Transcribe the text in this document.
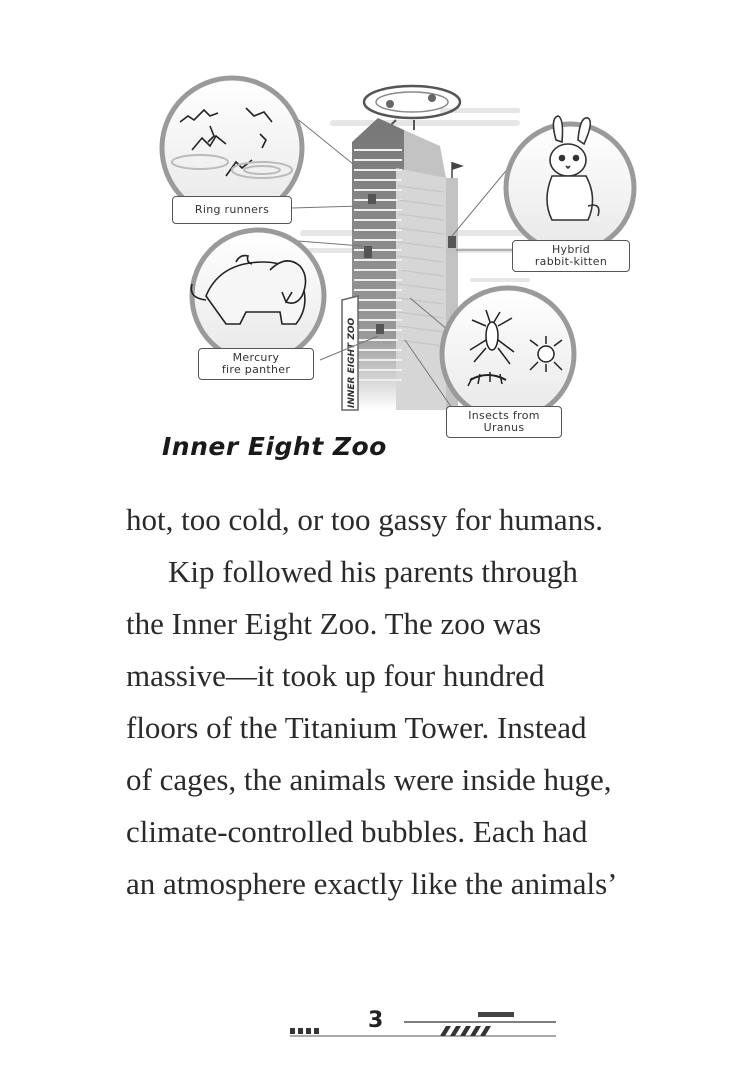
INNER EIGHT ZOO
Ring runners
Hybrid
rabbit-kitten
Mercury
fire panther
Insects from
Uranus
Inner Eight Zoo
hot, too cold, or too gassy for humans.
Kip followed his parents through
the Inner Eight Zoo. The zoo was
massive—it took up four hundred
floors of the Titanium Tower. Instead
of cages, the animals were inside huge,
climate-controlled bubbles. Each had
an atmosphere exactly like the animals’
3
